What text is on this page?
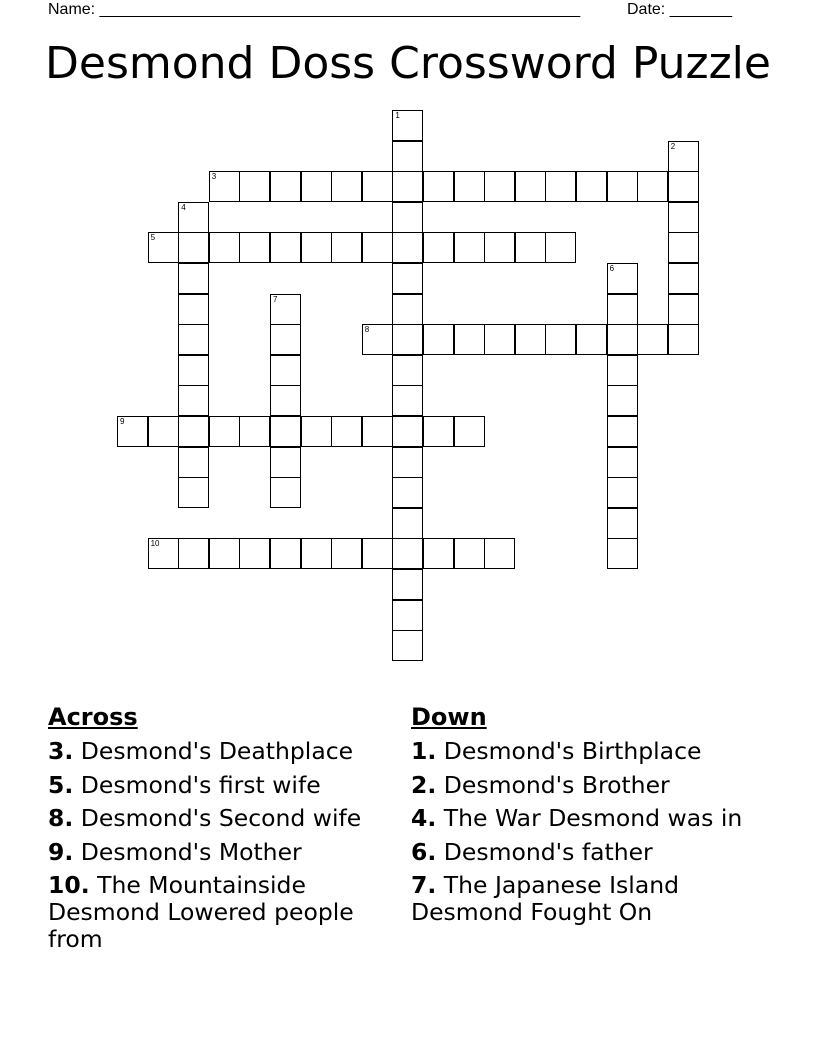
Name: ______________________________________________________	Date: _______
Desmond Doss Crossword Puzzle
1
2
3
4
5
6
7
8
9
10
Across
3. Desmond's Deathplace
5. Desmond's first wife
8. Desmond's Second wife
9. Desmond's Mother
10. The Mountainside Desmond Lowered people from
Down
1. Desmond's Birthplace
2. Desmond's Brother
4. The War Desmond was in
6. Desmond's father
7. The Japanese Island Desmond Fought On
